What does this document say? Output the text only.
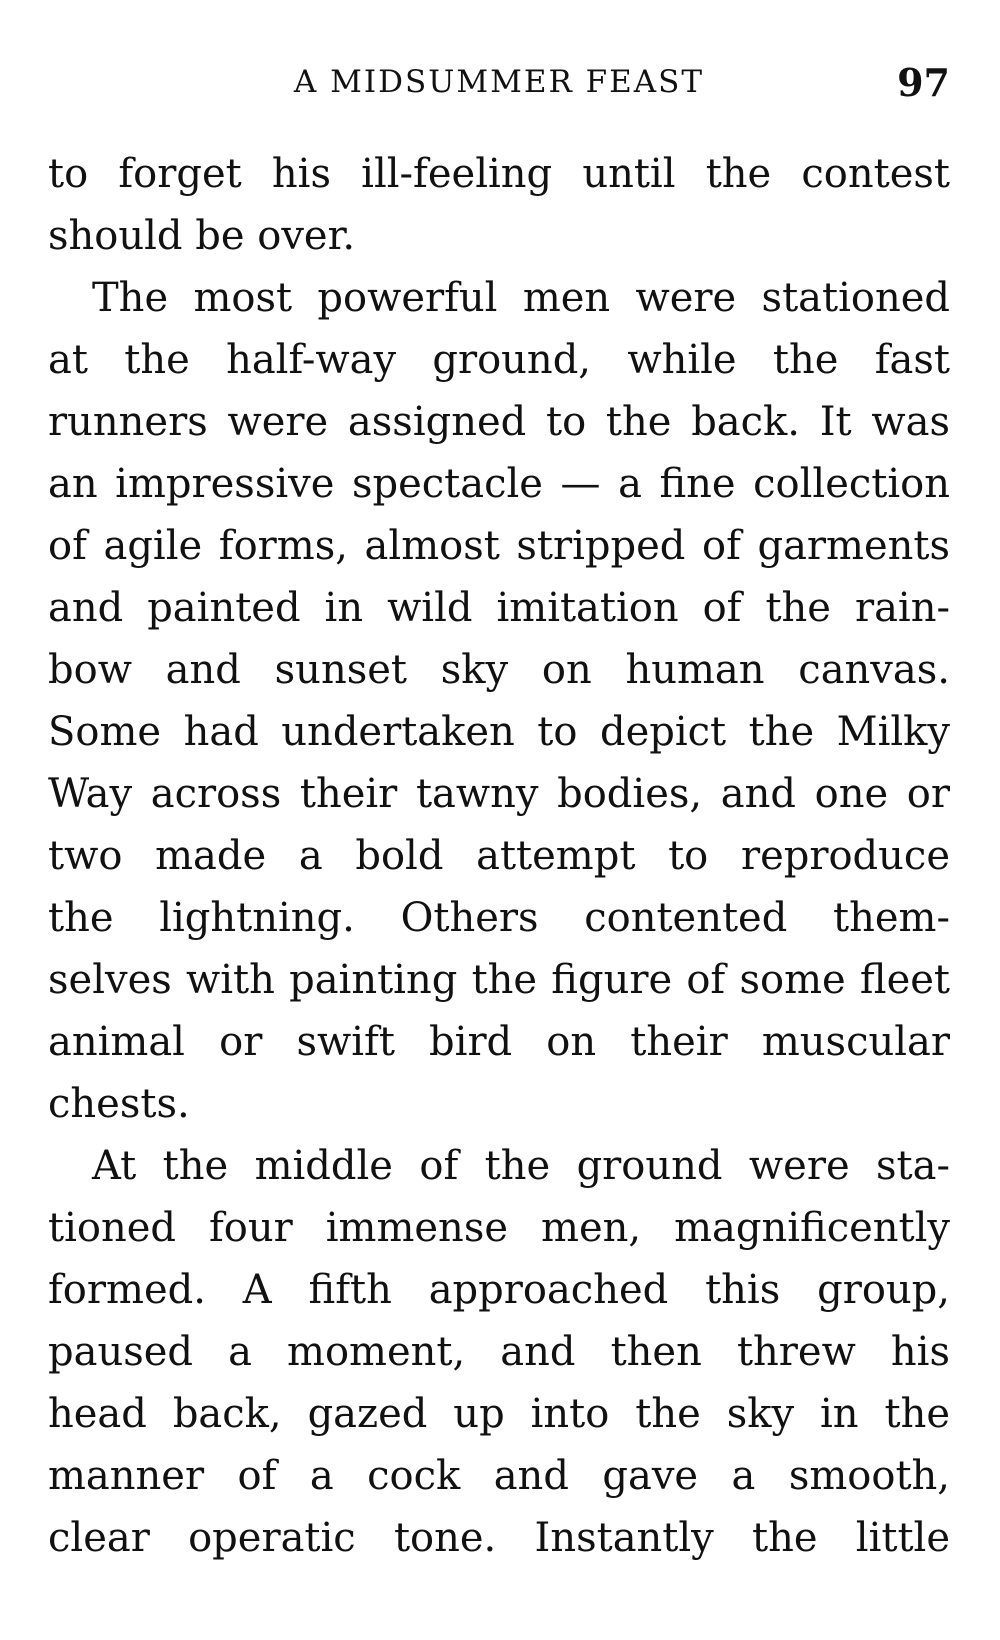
A MIDSUMMER FEAST	97
to forget his ill-feeling until the contest
should be over.
The most powerful men were stationed
at the half-way ground, while the fast
runners were assigned to the back. It was
an impressive spectacle — a fine collection
of agile forms, almost stripped of garments
and painted in wild imitation of the rain-
bow and sunset sky on human canvas.
Some had undertaken to depict the Milky
Way across their tawny bodies, and one or
two made a bold attempt to reproduce
the lightning. Others contented them-
selves with painting the figure of some fleet
animal or swift bird on their muscular
chests.
At the middle of the ground were sta-
tioned four immense men, magnificently
formed. A fifth approached this group,
paused a moment, and then threw his
head back, gazed up into the sky in the
manner of a cock and gave a smooth,
clear operatic tone. Instantly the little
